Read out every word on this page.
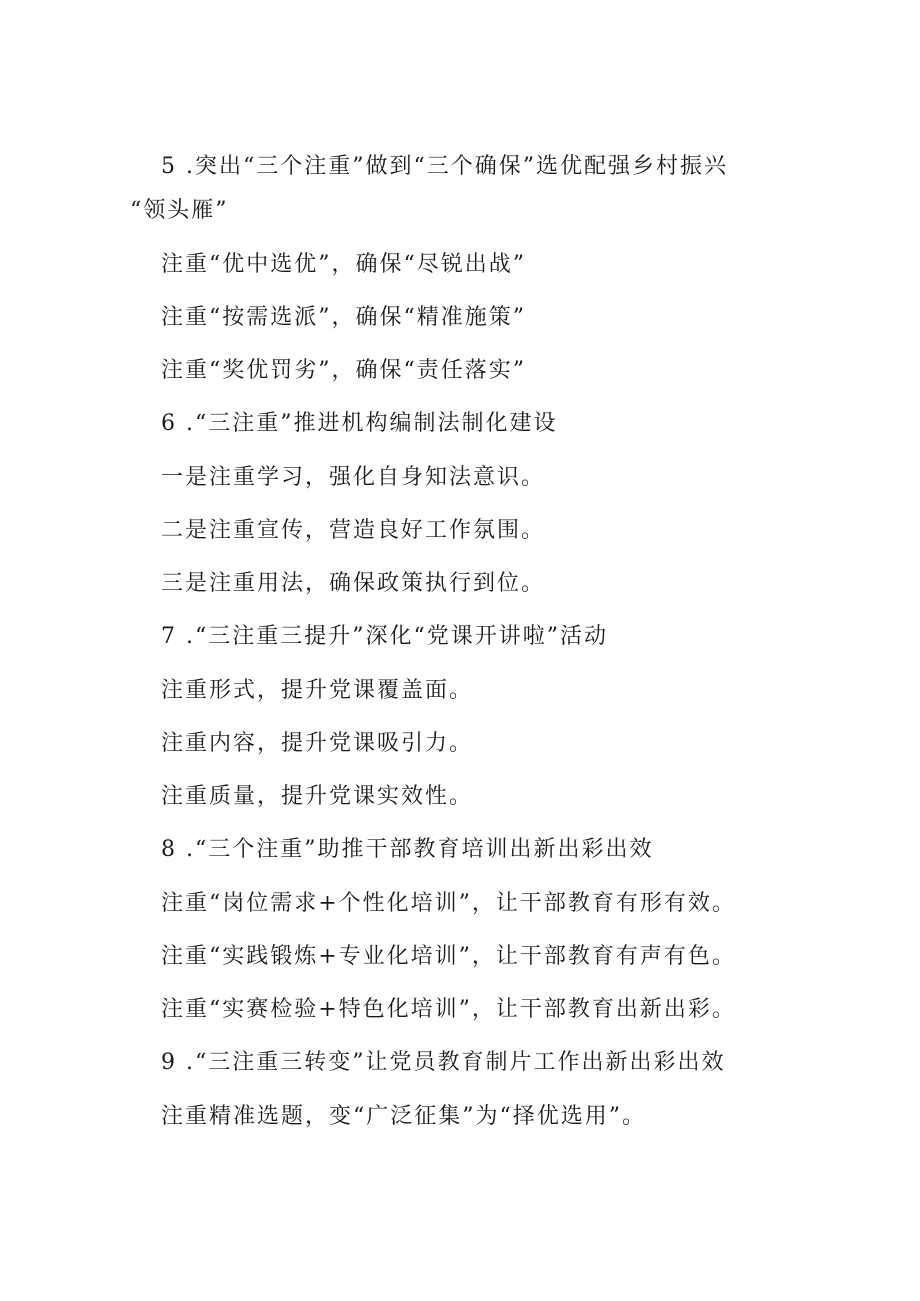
5 .突出“三个注重”做到“三个确保”选优配强乡村振兴
“领头雁”
注重“优中选优”，确保“尽锐出战”
注重“按需选派”，确保“精准施策”
注重“奖优罚劣”，确保“责任落实”
6 .“三注重”推进机构编制法制化建设
一是注重学习，强化自身知法意识。
二是注重宣传，营造良好工作氛围。
三是注重用法，确保政策执行到位。
7 .“三注重三提升”深化“党课开讲啦”活动
注重形式，提升党课覆盖面。
注重内容，提升党课吸引力。
注重质量，提升党课实效性。
8 .“三个注重”助推干部教育培训出新出彩出效
注重“岗位需求+个性化培训”，让干部教育有形有效。
注重“实践锻炼+专业化培训”，让干部教育有声有色。
注重“实赛检验+特色化培训”，让干部教育出新出彩。
9 .“三注重三转变”让党员教育制片工作出新出彩出效
注重精准选题，变“广泛征集”为“择优选用”。
